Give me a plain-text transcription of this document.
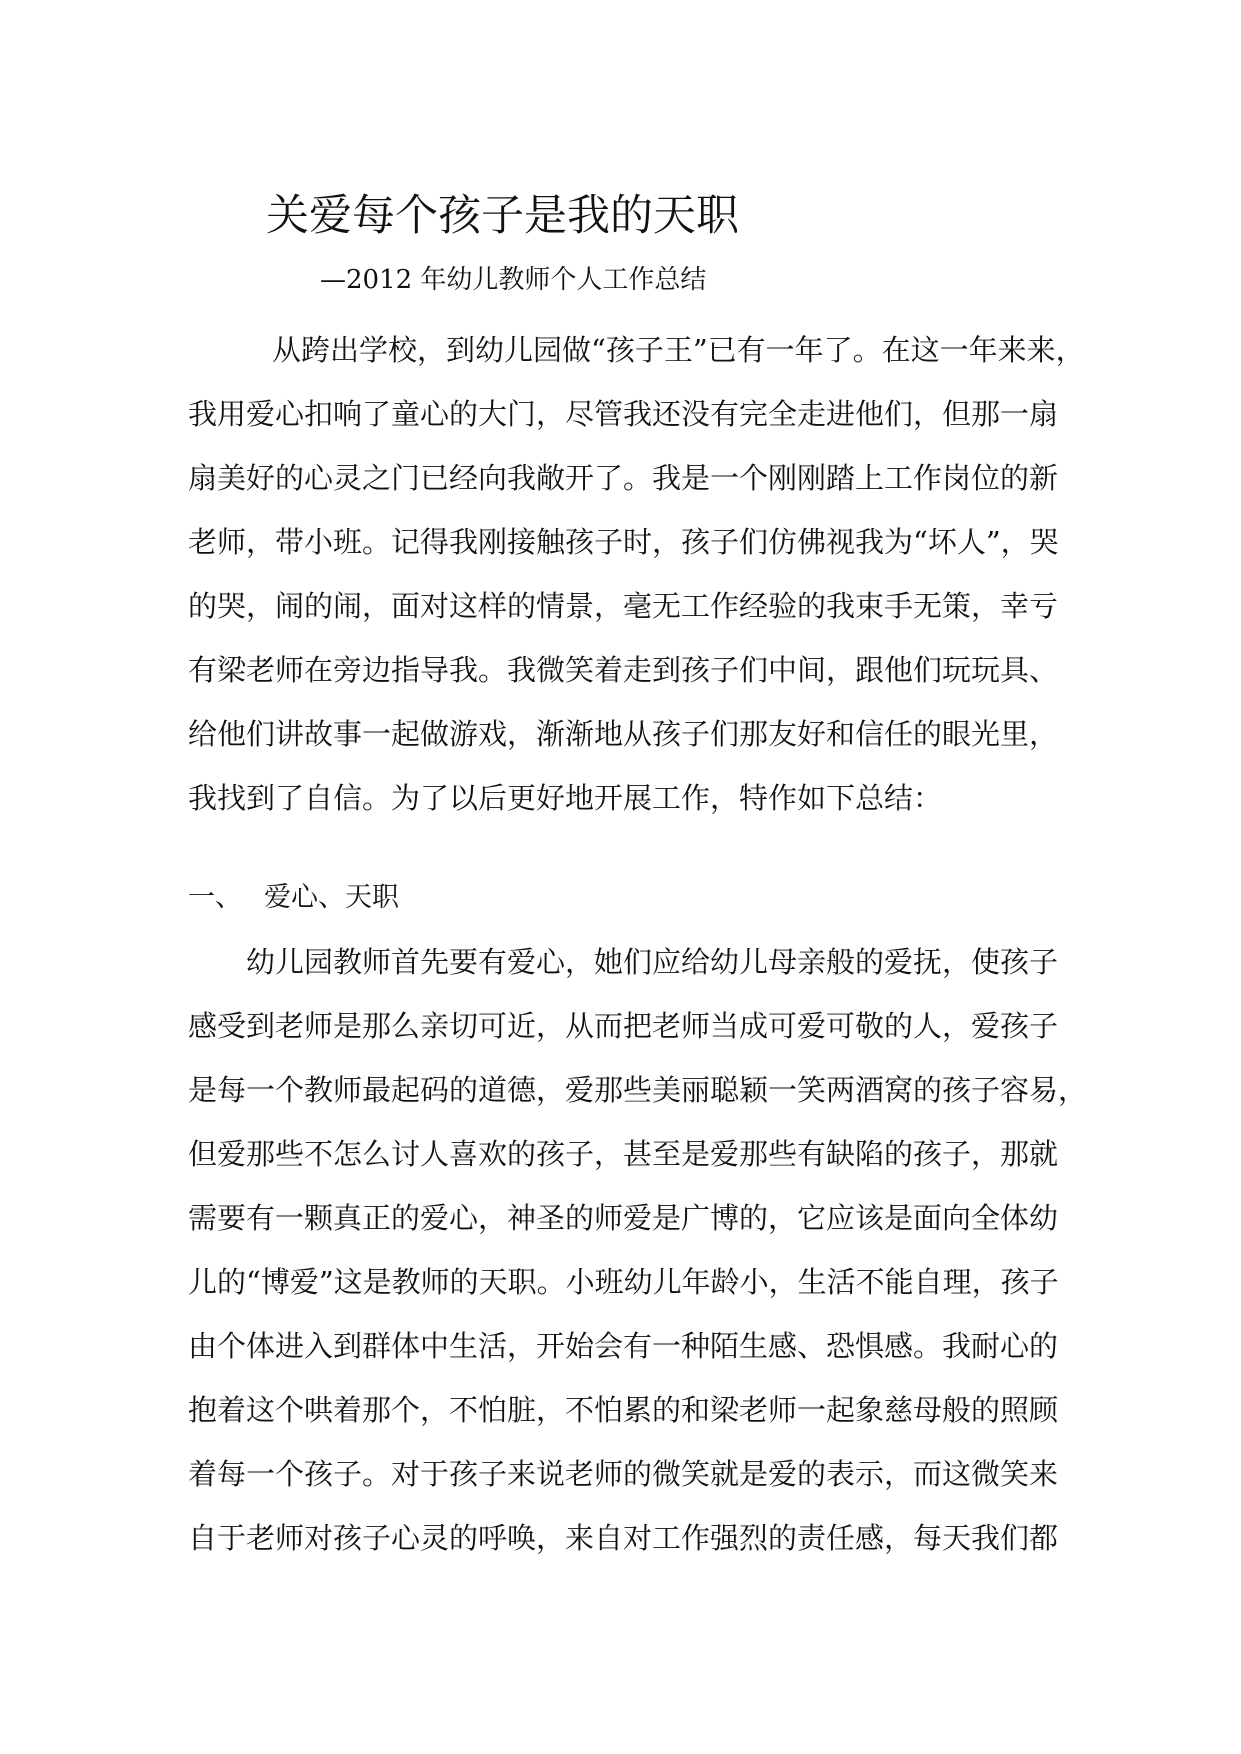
关爱每个孩子是我的天职

—2012 年幼儿教师个人工作总结

从跨出学校，到幼儿园做“孩子王”已有一年了。在这一年来来，

我用爱心扣响了童心的大门，尽管我还没有完全走进他们，但那一扇

扇美好的心灵之门已经向我敞开了。我是一个刚刚踏上工作岗位的新

老师，带小班。记得我刚接触孩子时，孩子们仿佛视我为“坏人”，哭

的哭，闹的闹，面对这样的情景，毫无工作经验的我束手无策，幸亏

有梁老师在旁边指导我。我微笑着走到孩子们中间，跟他们玩玩具、

给他们讲故事一起做游戏，渐渐地从孩子们那友好和信任的眼光里，

我找到了自信。为了以后更好地开展工作，特作如下总结：

一、 爱心、天职

幼儿园教师首先要有爱心，她们应给幼儿母亲般的爱抚，使孩子

感受到老师是那么亲切可近，从而把老师当成可爱可敬的人，爱孩子

是每一个教师最起码的道德，爱那些美丽聪颖一笑两酒窝的孩子容易，

但爱那些不怎么讨人喜欢的孩子，甚至是爱那些有缺陷的孩子，那就

需要有一颗真正的爱心，神圣的师爱是广博的，它应该是面向全体幼

儿的“博爱”这是教师的天职。小班幼儿年龄小，生活不能自理，孩子

由个体进入到群体中生活，开始会有一种陌生感、恐惧感。我耐心的

抱着这个哄着那个，不怕脏，不怕累的和梁老师一起象慈母般的照顾

着每一个孩子。对于孩子来说老师的微笑就是爱的表示，而这微笑来

自于老师对孩子心灵的呼唤，来自对工作强烈的责任感，每天我们都
